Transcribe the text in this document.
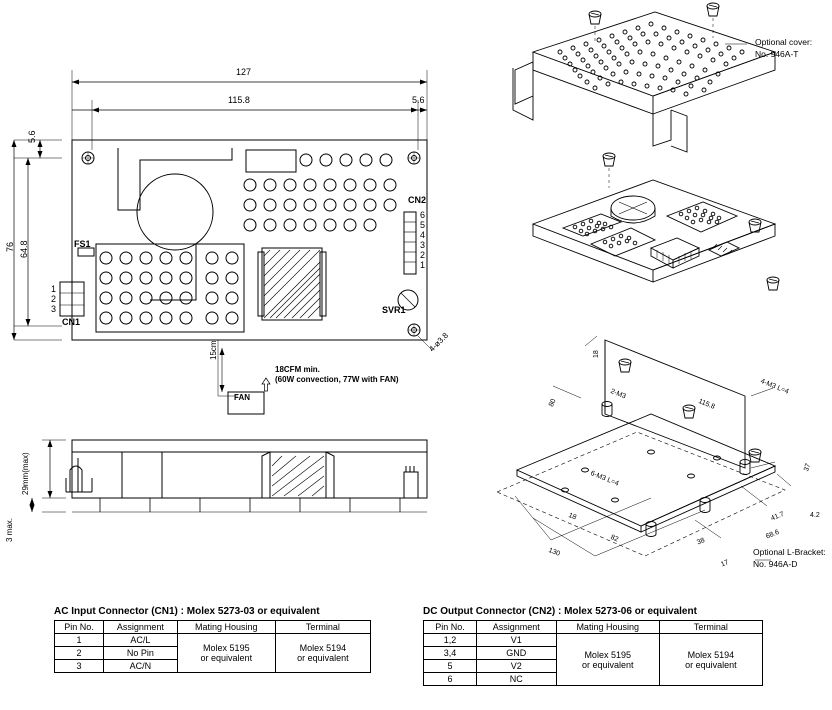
127
115.8	5.6
5.6
64.8
76	FS1
CN1
1
2
3
CN2
6
5
4
3
2
1
SVR1
4-ø3.8
15cm
FAN
18CFM min.
(60W convection, 77W with FAN)
29mm(max)
3 max.
Optional cover:
No. 946A-T
Optional L-Bracket:
No. 946A-D
18
2-M3
80	115.8
4-M3 L=4
37
6-M3 L=4
18
82
130
38
41.7
68.6
4.2
17
AC Input Connector (CN1) : Molex 5273-03 or equivalent
Pin No.	Assignment	Mating Housing	Terminal
1	AC/L	
Molex 5195
or equivalent

Molex 5194
or equivalent

2	No Pin		
3	AC/N		
DC Output Connector (CN2) : Molex 5273-06 or equivalent
Pin No.	Assignment	Mating Housing	Terminal
1,2	V1	
Molex 5195
or equivalent

Molex 5194
or equivalent

3,4	GND		
5	V2		
6	NC		
